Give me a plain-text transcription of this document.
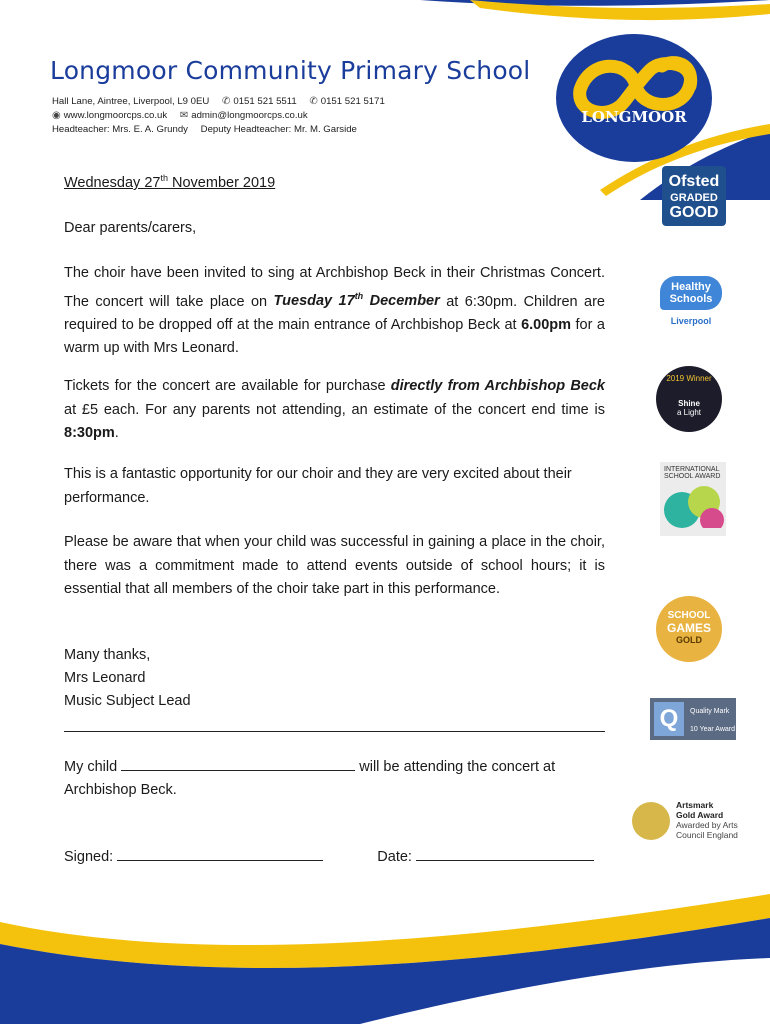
LONGMOOR
Longmoor Community Primary School
Hall Lane, Aintree, Liverpool, L9 0EU ✆ 0151 521 5511 ✆ 0151 521 5171
◉ www.longmoorcps.co.uk ✉ admin@longmoorcps.co.uk
Headteacher: Mrs. E. A. Grundy Deputy Headteacher: Mr. M. Garside
Wednesday 27th November 2019
Dear parents/carers,
The choir have been invited to sing at Archbishop Beck in their Christmas Concert. The concert will take place on Tuesday 17th December at 6:30pm. Children are required to be dropped off at the main entrance of Archbishop Beck at 6.00pm for a warm up with Mrs Leonard.
Tickets for the concert are available for purchase directly from Archbishop Beck at £5 each. For any parents not attending, an estimate of the concert end time is 8:30pm.
This is a fantastic opportunity for our choir and they are very excited about their performance.
Please be aware that when your child was successful in gaining a place in the choir, there was a commitment made to attend events outside of school hours; it is essential that all members of the choir take part in this performance.
Many thanks,
Mrs Leonard
Music Subject Lead
My child	will be attending the concert at
Archbishop Beck.
Signed:	Date:
Ofsted
GRADED
GOOD
Healthy
Schools
Liverpool
2019 Winner
Shine
a Light
INTERNATIONAL
SCHOOL AWARD
SCHOOL
GAMES
GOLD
Q	Quality Mark
10 Year Award
Artsmark
Gold Award
Awarded by Arts
Council England
